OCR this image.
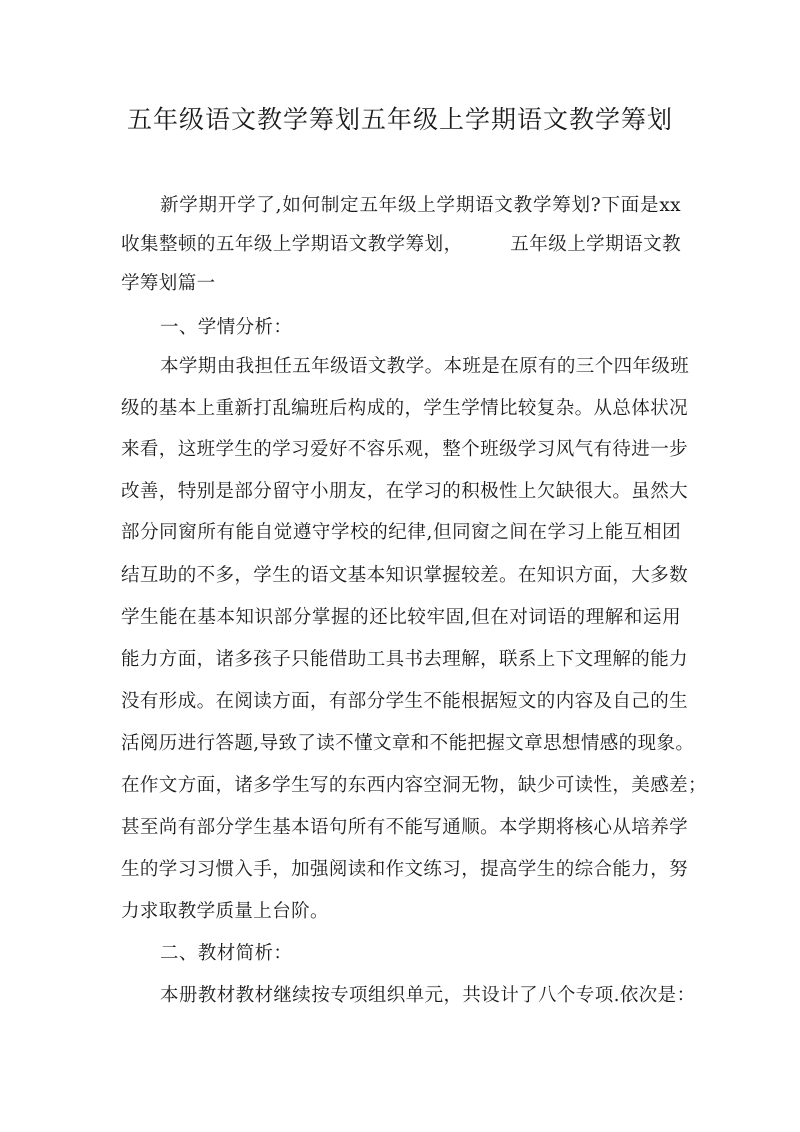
五年级语文教学筹划五年级上学期语文教学筹划

新学期开学了,如何制定五年级上学期语文教学筹划?下面是xx

收集整顿的五年级上学期语文教学筹划，　　　五年级上学期语文教

学筹划篇一

一、学情分析：

本学期由我担任五年级语文教学。本班是在原有的三个四年级班

级的基本上重新打乱编班后构成的，学生学情比较复杂。从总体状况

来看，这班学生的学习爱好不容乐观，整个班级学习风气有待进一步

改善，特别是部分留守小朋友，在学习的积极性上欠缺很大。虽然大

部分同窗所有能自觉遵守学校的纪律,但同窗之间在学习上能互相团

结互助的不多，学生的语文基本知识掌握较差。在知识方面，大多数

学生能在基本知识部分掌握的还比较牢固,但在对词语的理解和运用

能力方面，诸多孩子只能借助工具书去理解，联系上下文理解的能力

没有形成。在阅读方面，有部分学生不能根据短文的内容及自己的生

活阅历进行答题,导致了读不懂文章和不能把握文章思想情感的现象。

在作文方面，诸多学生写的东西内容空洞无物，缺少可读性，美感差；

甚至尚有部分学生基本语句所有不能写通顺。本学期将核心从培养学

生的学习习惯入手，加强阅读和作文练习，提高学生的综合能力，努

力求取教学质量上台阶。

二、教材简析：

本册教材教材继续按专项组织单元，共设计了八个专项.依次是：
